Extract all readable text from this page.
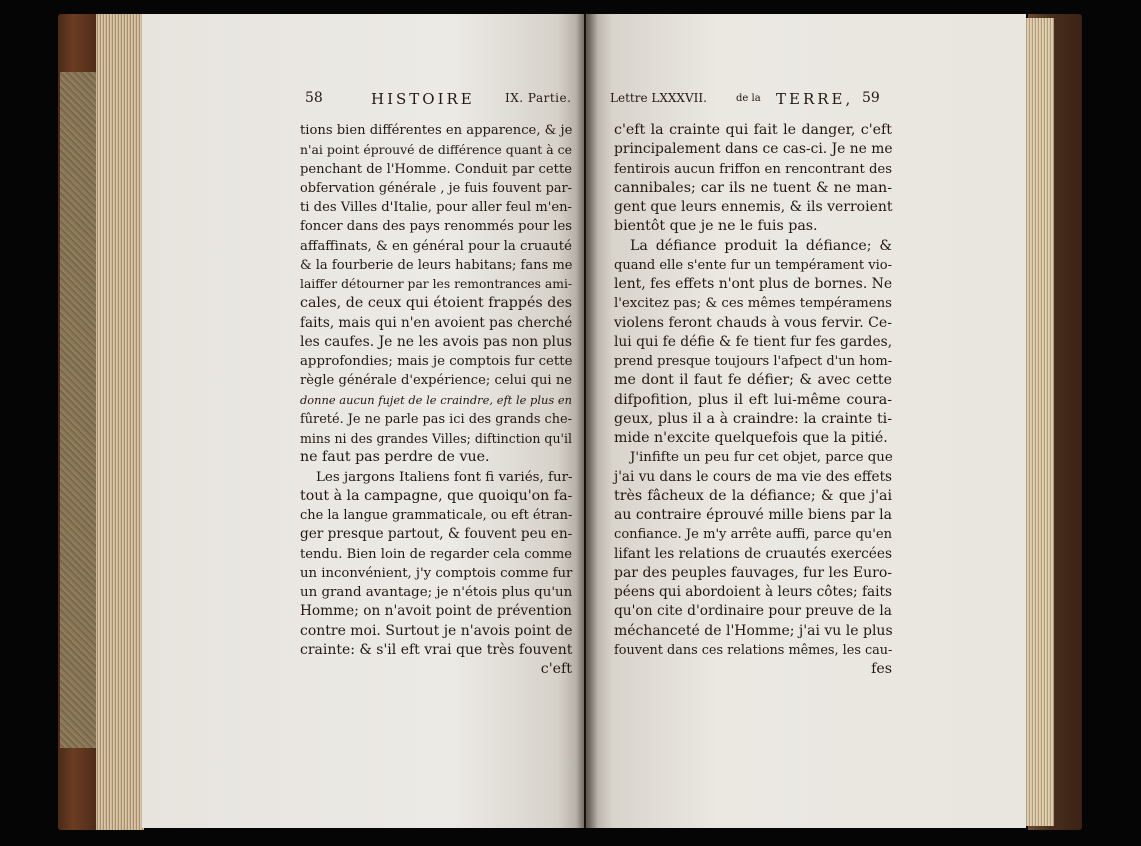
58	HISTOIRE	IX. Partie.	Lettre LXXXVII.	de la TERRE, 59
tions bien différentes en apparence, & je
n'ai point éprouvé de différence quant à ce
penchant de l'Homme. Conduit par cette
obfervation générale , je fuis fouvent par-
ti des Villes d'Italie, pour aller feul m'en-
foncer dans des pays renommés pour les
affaffinats, & en général pour la cruauté
& la fourberie de leurs habitans; fans me
laiffer détourner par les remontrances ami-
cales, de ceux qui étoient frappés des
faits, mais qui n'en avoient pas cherché
les caufes. Je ne les avois pas non plus
approfondies; mais je comptois fur cette
règle générale d'expérience; celui qui ne
donne aucun fujet de le craindre, eft le plus en
fûreté. Je ne parle pas ici des grands che-
mins ni des grandes Villes; diftinction qu'il
ne faut pas perdre de vue.
Les jargons Italiens font fi variés, fur-
tout à la campagne, que quoiqu'on fa-
che la langue grammaticale, ou eft étran-
ger presque partout, & fouvent peu en-
tendu. Bien loin de regarder cela comme
un inconvénient, j'y comptois comme fur
un grand avantage; je n'étois plus qu'un
Homme; on n'avoit point de prévention
contre moi. Surtout je n'avois point de
crainte: & s'il eft vrai que très fouvent
c'eft
c'eft la crainte qui fait le danger, c'eft
principalement dans ce cas-ci. Je ne me
fentirois aucun friffon en rencontrant des
cannibales; car ils ne tuent & ne man-
gent que leurs ennemis, & ils verroient
bientôt que je ne le fuis pas.
La défiance produit la défiance; &
quand elle s'ente fur un tempérament vio-
lent, fes effets n'ont plus de bornes. Ne
l'excitez pas; & ces mêmes tempéramens
violens feront chauds à vous fervir. Ce-
lui qui fe défie & fe tient fur fes gardes,
prend presque toujours l'afpect d'un hom-
me dont il faut fe défier; & avec cette
difpofition, plus il eft lui-même coura-
geux, plus il a à craindre: la crainte ti-
mide n'excite quelquefois que la pitié.
J'infifte un peu fur cet objet, parce que
j'ai vu dans le cours de ma vie des effets
très fâcheux de la défiance; & que j'ai
au contraire éprouvé mille biens par la
confiance. Je m'y arrête auffi, parce qu'en
lifant les relations de cruautés exercées
par des peuples fauvages, fur les Euro-
péens qui abordoient à leurs côtes; faits
qu'on cite d'ordinaire pour preuve de la
méchanceté de l'Homme; j'ai vu le plus
fouvent dans ces relations mêmes, les cau-
fes
